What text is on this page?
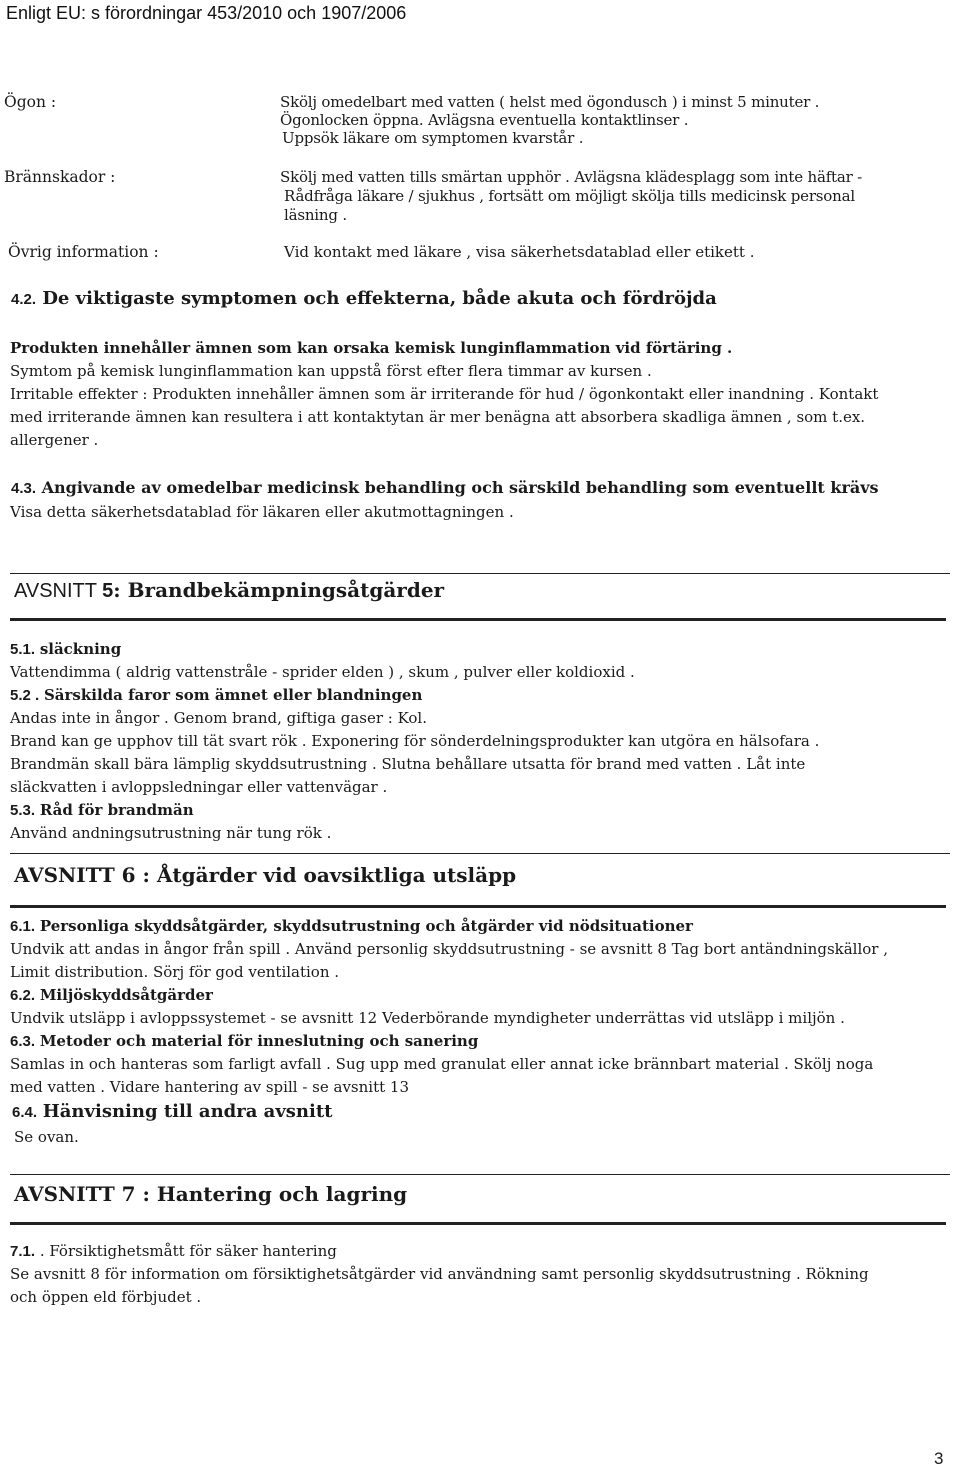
Enligt EU: s förordningar 453/2010 och 1907/2006
Ögon :	Skölj omedelbart med vatten ( helst med ögondusch ) i minst 5 minuter .
Ögonlocken öppna. Avlägsna eventuella kontaktlinser .
Uppsök läkare om symptomen kvarstår .
Brännskador :	Skölj med vatten tills smärtan upphör . Avlägsna klädesplagg som inte häftar -
Rådfråga läkare / sjukhus , fortsätt om möjligt skölja tills medicinsk personal
läsning .
Övrig information :	Vid kontakt med läkare , visa säkerhetsdatablad eller etikett .
4.2. De viktigaste symptomen och effekterna, både akuta och fördröjda
Produkten innehåller ämnen som kan orsaka kemisk lunginflammation vid förtäring .
Symtom på kemisk lunginflammation kan uppstå först efter flera timmar av kursen .
Irritable effekter : Produkten innehåller ämnen som är irriterande för hud / ögonkontakt eller inandning . Kontakt
med irriterande ämnen kan resultera i att kontaktytan är mer benägna att absorbera skadliga ämnen , som t.ex.
allergener .
4.3. Angivande av omedelbar medicinsk behandling och särskild behandling som eventuellt krävs
Visa detta säkerhetsdatablad för läkaren eller akutmottagningen .
AVSNITT 5: Brandbekämpningsåtgärder
5.1. släckning
Vattendimma ( aldrig vattenstråle - sprider elden ) , skum , pulver eller koldioxid .
5.2 . Särskilda faror som ämnet eller blandningen
Andas inte in ångor . Genom brand, giftiga gaser : Kol.
Brand kan ge upphov till tät svart rök . Exponering för sönderdelningsprodukter kan utgöra en hälsofara .
Brandmän skall bära lämplig skyddsutrustning . Slutna behållare utsatta för brand med vatten . Låt inte
släckvatten i avloppsledningar eller vattenvägar .
5.3. Råd för brandmän
Använd andningsutrustning när tung rök .
AVSNITT 6 : Åtgärder vid oavsiktliga utsläpp
6.1. Personliga skyddsåtgärder, skyddsutrustning och åtgärder vid nödsituationer
Undvik att andas in ångor från spill . Använd personlig skyddsutrustning - se avsnitt 8 Tag bort antändningskällor ,
Limit distribution. Sörj för god ventilation .
6.2. Miljöskyddsåtgärder
Undvik utsläpp i avloppssystemet - se avsnitt 12 Vederbörande myndigheter underrättas vid utsläpp i miljön .
6.3. Metoder och material för inneslutning och sanering
Samlas in och hanteras som farligt avfall . Sug upp med granulat eller annat icke brännbart material . Skölj noga
med vatten . Vidare hantering av spill - se avsnitt 13
6.4. Hänvisning till andra avsnitt
Se ovan.
AVSNITT 7 : Hantering och lagring
7.1. . Försiktighetsmått för säker hantering
Se avsnitt 8 för information om försiktighetsåtgärder vid användning samt personlig skyddsutrustning . Rökning
och öppen eld förbjudet .
3
